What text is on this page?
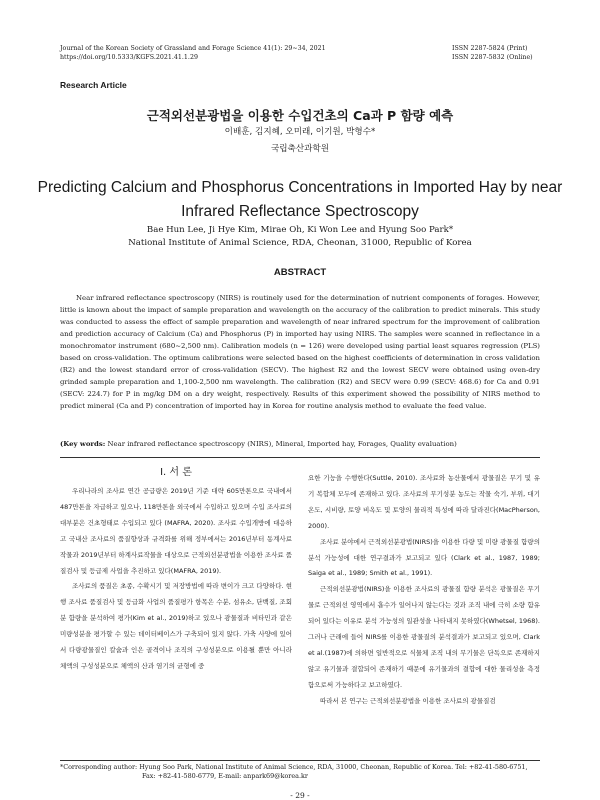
Journal of the Korean Society of Grassland and Forage Science 41(1): 29~34, 2021
https://doi.org/10.5333/KGFS.2021.41.1.29
ISSN 2287-5824 (Print)
ISSN 2287-5832 (Online)
Research Article
근적외선분광법을 이용한 수입건초의 Ca과 P 함량 예측
이배훈, 김지혜, 오미래, 이기원, 박형수*
국립축산과학원
Predicting Calcium and Phosphorus Concentrations in Imported Hay by near Infrared Reflectance Spectroscopy
Bae Hun Lee, Ji Hye Kim, Mirae Oh, Ki Won Lee and Hyung Soo Park*
National Institute of Animal Science, RDA, Cheonan, 31000, Republic of Korea
ABSTRACT
Near infrared reflectance spectroscopy (NIRS) is routinely used for the determination of nutrient components of forages. However, little is known about the impact of sample preparation and wavelength on the accuracy of the calibration to predict minerals. This study was conducted to assess the effect of sample preparation and wavelength of near infrared spectrum for the improvement of calibration and prediction accuracy of Calcium (Ca) and Phosphorus (P) in imported hay using NIRS. The samples were scanned in reflectance in a monochromator instrument (680~2,500 nm). Calibration models (n = 126) were developed using partial least squares regression (PLS) based on cross-validation. The optimum calibrations were selected based on the highest coefficients of determination in cross validation (R2) and the lowest standard error of cross-validation (SECV). The highest R2 and the lowest SECV were obtained using oven-dry grinded sample preparation and 1,100-2,500 nm wavelength. The calibration (R2) and SECV were 0.99 (SECV: 468.6) for Ca and 0.91 (SECV: 224.7) for P in mg/kg DM on a dry weight, respectively. Results of this experiment showed the possibility of NIRS method to predict mineral (Ca and P) concentration of imported hay in Korea for routine analysis method to evaluate the feed value.
(Key words: Near infrared reflectance spectroscopy (NIRS), Mineral, Imported hay, Forages, Quality evaluation)
Ⅰ. 서 론

우리나라의 조사료 연간 공급량은 2019년 기준 대략 605만톤으로 국내에서 487만톤을 자급하고 있으나, 118만톤을 외국에서 수입하고 있으며 수입 조사료의 대부분은 건초형태로 수입되고 있다 (MAFRA, 2020). 조사료 수입개방에 대응하고 국내산 조사료의 품질향상과 규격화를 위해 정부에서는 2016년부터 동계사료작물과 2019년부터 하계사료작물을 대상으로 근적외선분광법을 이용한 조사료 품질검사 및 등급제 사업을 추진하고 있다(MAFRA, 2019).

조사료의 품질은 초종, 수확시기 및 저장방법에 따라 변이가 크고 다양하다. 현행 조사료 품질검사 및 등급화 사업의 품질평가 항목은 수분, 섬유소, 단백질, 조회분 함량을 분석하여 평가(Kim et al., 2019)하고 있으나 광물질과 비타민과 같은 미량성분을 평가할 수 있는 데이터베이스가 구축되어 있지 않다. 가축 사양에 있어서 다량광물질인 칼슘과 인은 골격이나 조직의 구성성분으로 이용될 뿐만 아니라 체액의 구성성분으로 체액의 산과 염기의 균형에 중

요한 기능을 수행한다(Suttle, 2010). 조사료와 농산물에서 광물질은 무기 및 유기 복합체 모두에 존재하고 있다. 조사료의 무기성분 농도는 작물 숙기, 부위, 대기온도, 시비량, 토양 비옥도 및 토양의 물리적 특성에 따라 달라진다(MacPherson, 2000).

조사료 분야에서 근적외선분광법(NIRS)을 이용한 다량 및 미량 광물질 함량의 분석 가능성에 대한 연구결과가 보고되고 있다 (Clark et al., 1987, 1989; Saiga et al., 1989; Smith et al., 1991).

근적외선분광법(NIRS)을 이용한 조사료의 광물질 함량 분석은 광물질은 무기물로 근적외선 영역에서 흡수가 일어나지 않는다는 것과 조직 내에 극히 소량 함유되어 있다는 이유로 분석 가능성의 일관성을 나타내지 못하였다(Whetsel, 1968). 그러나 근래에 들어 NIRS를 이용한 광물질의 분석결과가 보고되고 있으며, Clark et al.(1987)에 의하면 일반적으로 식물체 조직 내의 무기물은 단독으로 존재하지 않고 유기물과 결합되어 존재하기 때문에 유기물과의 결합에 대한 물리성을 측정함으로써 가능하다고 보고하였다.

따라서 본 연구는 근적외선분광법을 이용한 조사료의 광물질검

*Corresponding author: Hyung Soo Park, National Institute of Animal Science, RDA, 31000, Cheonan, Republic of Korea. Tel: +82-41-580-6751,
Fax: +82-41-580-6779, E-mail: anpark69@korea.kr
- 29 -
